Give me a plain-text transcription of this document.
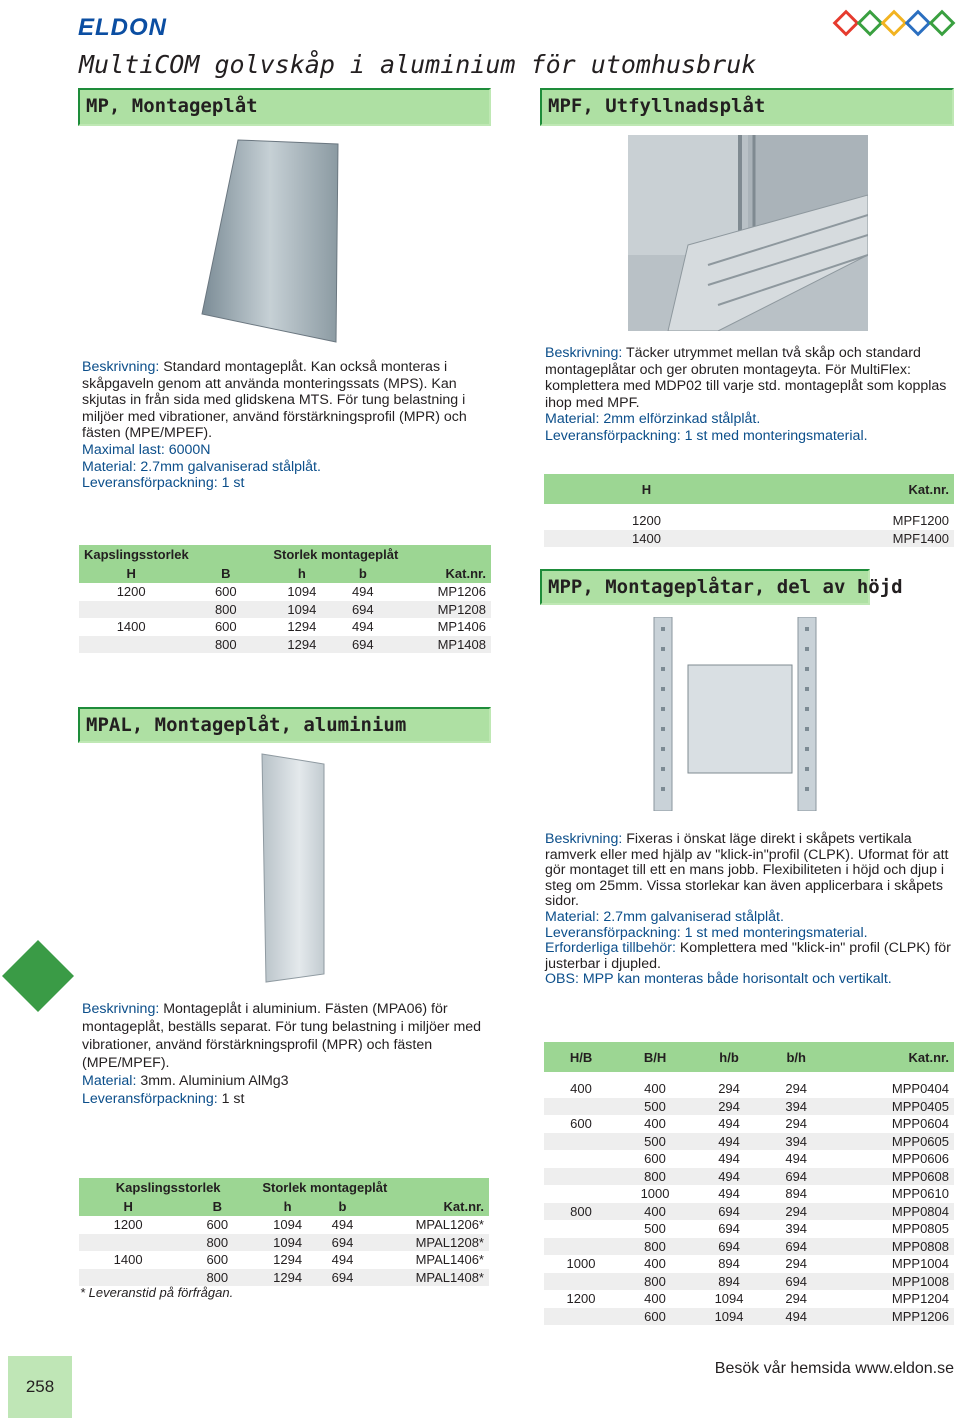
ELDON
MultiCOM golvskåp i aluminium för utomhusbruk
MP, Montageplåt

Beskrivning: Standard montageplåt. Kan också monteras i skåpgaveln genom att använda monteringssats (MPS). Kan skjutas in från sida med glidskena MTS. För tung belastning i miljöer med vibrationer, använd förstärkningsprofil (MPR) och fästen (MPE/MPEF).

Maximal last: 6000N

Material: 2.7mm galvaniserad stålplåt.

Leveransförpackning: 1 st

Kapslingsstorlek		Storlek montageplåt		
H	B	h	b	Kat.nr.
1200	600	1094	494	MP1206
	800	1094	694	MP1208
1400	600	1294	494	MP1406
	800	1294	694	MP1408
MPF, Utfyllnadsplåt

Beskrivning: Täcker utrymmet mellan två skåp och standard montageplåtar och ger obruten montageyta. För MultiFlex: komplettera med MDP02 till varje std. montageplåt som kopplas ihop med MPF.

Material: 2mm elförzinkad stålplåt.

Leveransförpackning: 1 st med monteringsmaterial.

H	Kat.nr.

1200	MPF1200
1400	MPF1400
MPP, Montageplåtar, del av höjd

Beskrivning: Fixeras i önskat läge direkt i skåpets vertikala ramverk eller med hjälp av "klick-in"profil (CLPK). Uformat för att gör montaget till ett en mans jobb. Flexibiliteten i höjd och djup i steg om 25mm. Vissa storlekar kan även applicerbara i skåpets sidor.

Material: 2.7mm galvaniserad stålplåt.

Leveransförpackning: 1 st med monteringsmaterial.

Erforderliga tillbehör: Komplettera med "klick-in" profil (CLPK) för justerbar i djupled.

OBS: MPP kan monteras både horisontalt och vertikalt.

H/B	B/H	h/b	b/h	Kat.nr.

400	400	294	294	MPP0404
	500	294	394	MPP0405
600	400	494	294	MPP0604
	500	494	394	MPP0605
	600	494	494	MPP0606
	800	494	694	MPP0608
	1000	494	894	MPP0610
800	400	694	294	MPP0804
	500	694	394	MPP0805
	800	694	694	MPP0808
1000	400	894	294	MPP1004
	800	894	694	MPP1008
1200	400	1094	294	MPP1204
	600	1094	494	MPP1206
MPAL, Montageplåt, aluminium

Beskrivning: Montageplåt i aluminium. Fästen (MPA06) för montageplåt, beställs separat. För tung belastning i miljöer med vibrationer, använd förstärkningsprofil (MPR) och fästen (MPE/MPEF).

Material: 3mm. Aluminium AlMg3

Leveransförpackning: 1 st

Kapslingsstorlek		Storlek montageplåt		
H	B	h	b	Kat.nr.
1200	600	1094	494	MPAL1206*
	800	1094	694	MPAL1208*
1400	600	1294	494	MPAL1406*
	800	1294	694	MPAL1408*
* Leveranstid på förfrågan.
258
Besök vår hemsida www.eldon.se
